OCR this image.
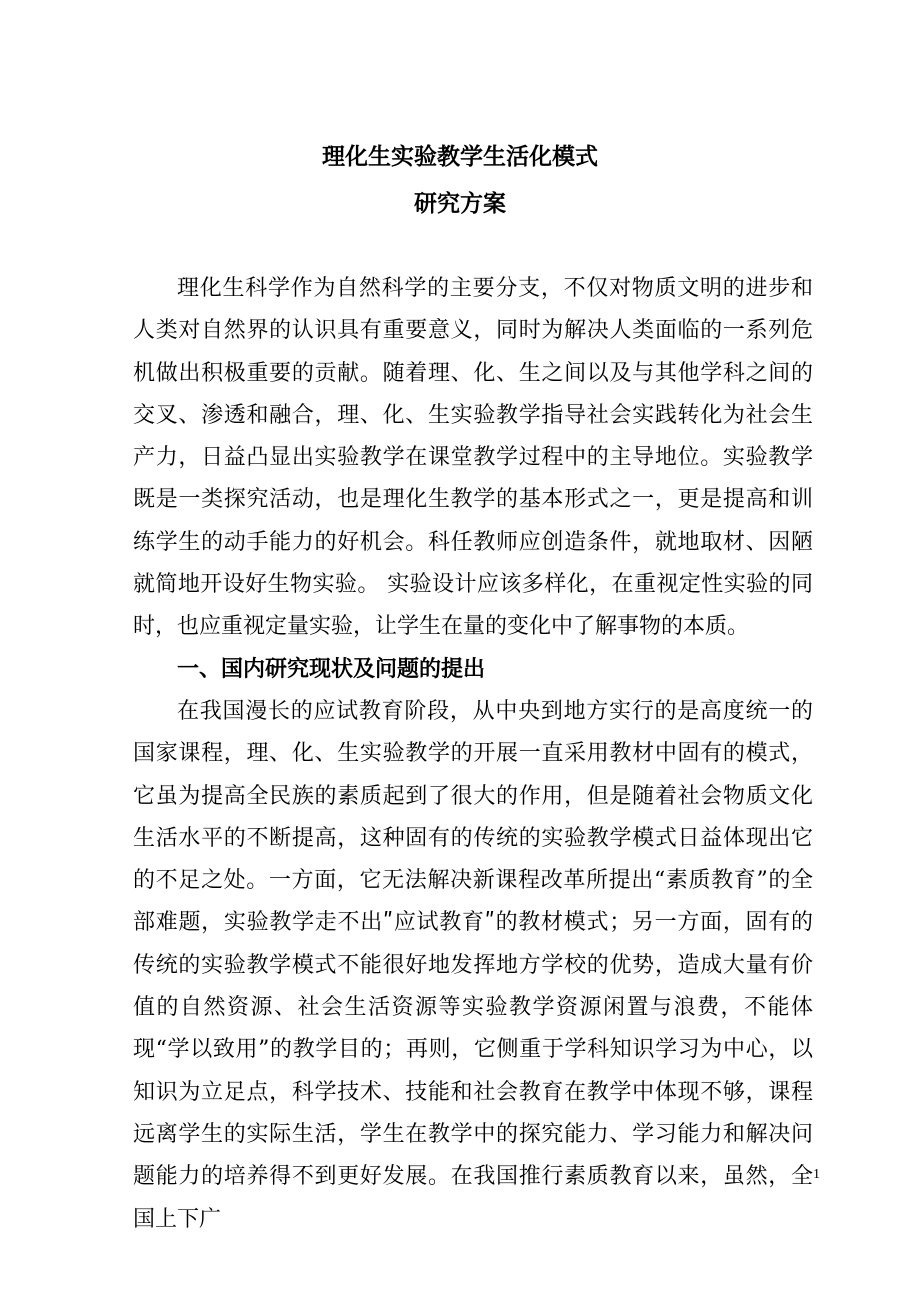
理化生实验教学生活化模式
研究方案

理化生科学作为自然科学的主要分支，不仅对物质文明的进步和人类对自然界的认识具有重要意义，同时为解决人类面临的一系列危机做出积极重要的贡献。随着理、化、生之间以及与其他学科之间的交叉、渗透和融合，理、化、生实验教学指导社会实践转化为社会生产力，日益凸显出实验教学在课堂教学过程中的主导地位。实验教学既是一类探究活动，也是理化生教学的基本形式之一，更是提高和训练学生的动手能力的好机会。科任教师应创造条件，就地取材、因陋就简地开设好生物实验。 实验设计应该多样化，在重视定性实验的同时，也应重视定量实验，让学生在量的变化中了解事物的本质。

一、国内研究现状及问题的提出

在我国漫长的应试教育阶段，从中央到地方实行的是高度统一的国家课程，理、化、生实验教学的开展一直采用教材中固有的模式，它虽为提高全民族的素质起到了很大的作用，但是随着社会物质文化生活水平的不断提高，这种固有的传统的实验教学模式日益体现出它的不足之处。一方面，它无法解决新课程改革所提出“素质教育”的全部难题，实验教学走不出ʺ应试教育ʺ的教材模式；另一方面，固有的传统的实验教学模式不能很好地发挥地方学校的优势，造成大量有价值的自然资源、社会生活资源等实验教学资源闲置与浪费，不能体现“学以致用”的教学目的；再则，它侧重于学科知识学习为中心，以知识为立足点，科学技术、技能和社会教育在教学中体现不够，课程远离学生的实际生活，学生在教学中的探究能力、学习能力和解决问题能力的培养得不到更好发展。在我国推行素质教育以来，虽然，全国上下广

1
